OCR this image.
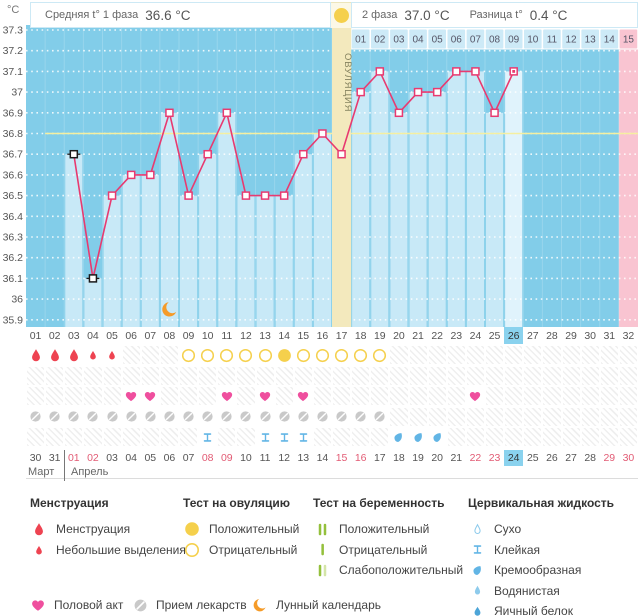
°C Средняя t° 1 фаза 36.6 °C	2 фаза 37.0 °C Разница t° 0.4 °C
01 02 03 04 05 06 07 08 09 10 11 12 13 14 15
ОВУЛЯЦИЯ
37.3
37.2
37.1
37
36.9
36.8
36.7
36.6
36.5
36.4
36.3
36.2
36.1
36
35.9
01 02 03 04 05 06 07 08 09 10 11 12 13 14 15 16 17 18 19 20 21 22 23 24 25 26 27 28 29 30 31 32
30 31 01 02 03 04 05 06 07 08 09 10 11 12 13 14 15 16 17 18 19 20 21 22 23 24 25 26 27 28 29 30
Март Апрель
Менструация
Менструация
Небольшие выделения
Тест на овуляцию
Положительный
Отрицательный
Тест на беременность
Положительный
Отрицательный
Слабоположительный
Цервикальная жидкость
Сухо
Клейкая
Кремообразная
Водянистая
Яичный белок
Половой акт	Прием лекарств Лунный календарь
